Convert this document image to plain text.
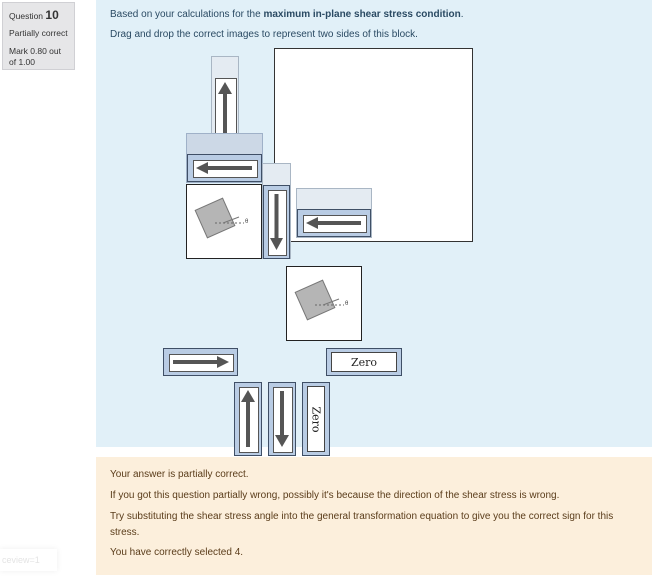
Question 10
Partially correct
Mark 0.80 out of 1.00
Based on your calculations for the maximum in-plane shear stress condition.
Drag and drop the correct images to represent two sides of this block.
θ
θ
Zero
Zero

Your answer is partially correct.

If you got this question partially wrong, possibly it's because the direction of the shear stress is wrong.

Try substituting the shear stress angle into the general transformation equation to give you the correct sign for this stress.

You have correctly selected 4.

ceview=1
